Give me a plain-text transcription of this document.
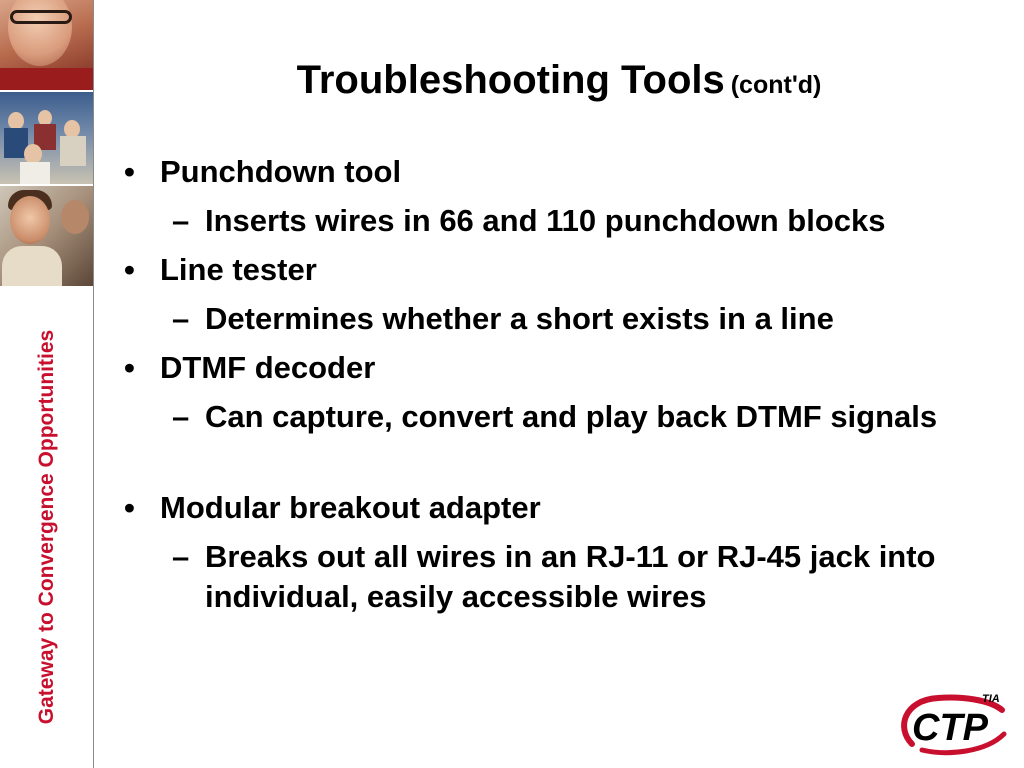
Gateway to Convergence Opportunities
Troubleshooting Tools (cont'd)
• Punchdown tool
– Inserts wires in 66 and 110 punchdown blocks
• Line tester
– Determines whether a short exists in a line
• DTMF decoder
– Can capture, convert and play back DTMF signals
• Modular breakout adapter
– Breaks out all wires in an RJ-11 or RJ-45 jack into individual, easily accessible wires
CTP
TIA
